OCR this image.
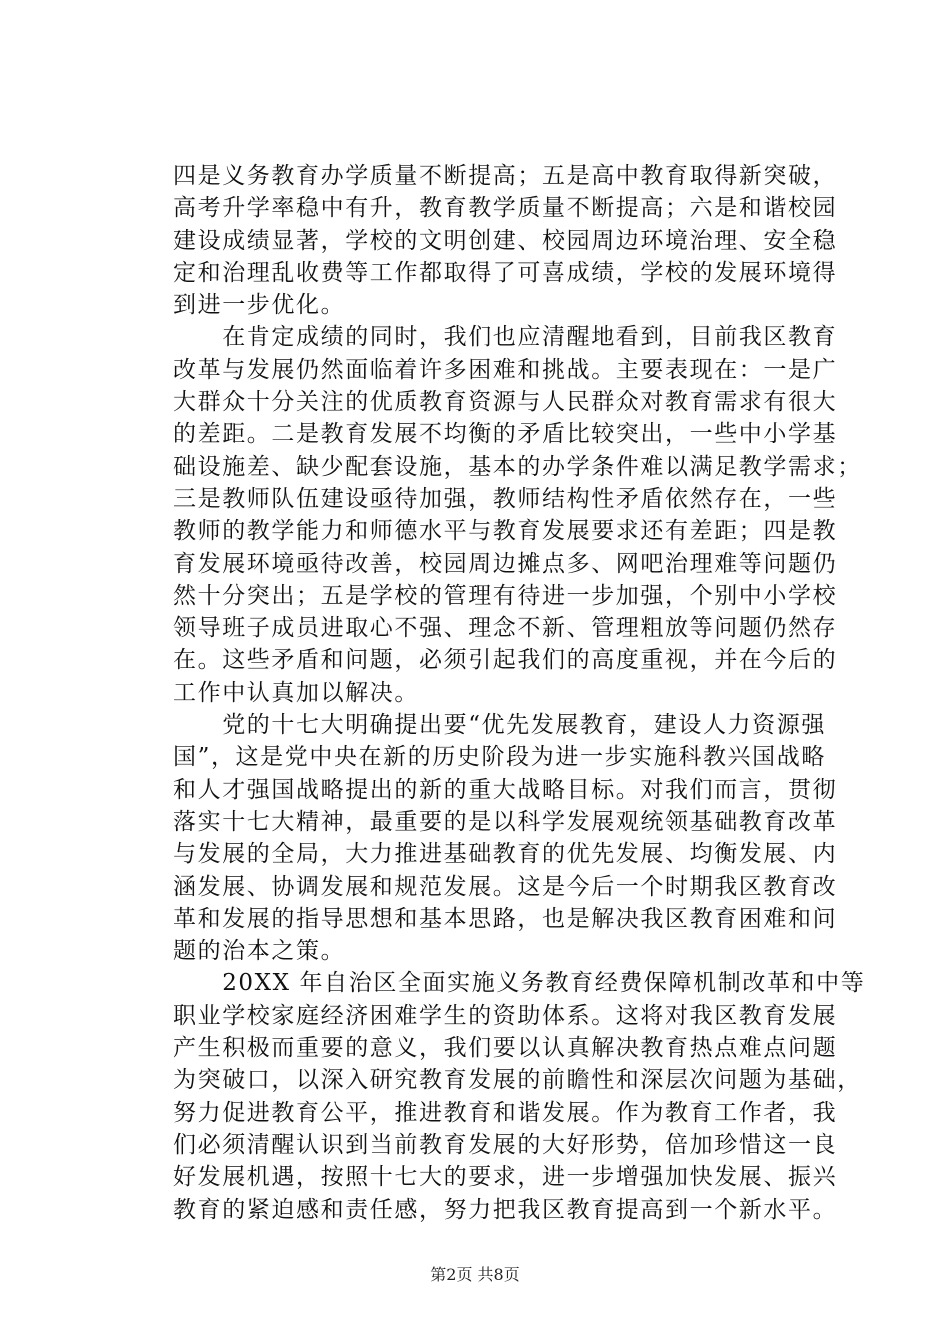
四是义务教育办学质量不断提高；五是高中教育取得新突破，
高考升学率稳中有升，教育教学质量不断提高；六是和谐校园
建设成绩显著，学校的文明创建、校园周边环境治理、安全稳
定和治理乱收费等工作都取得了可喜成绩，学校的发展环境得
到进一步优化。
　　在肯定成绩的同时，我们也应清醒地看到，目前我区教育
改革与发展仍然面临着许多困难和挑战。主要表现在：一是广
大群众十分关注的优质教育资源与人民群众对教育需求有很大
的差距。二是教育发展不均衡的矛盾比较突出，一些中小学基
础设施差、缺少配套设施，基本的办学条件难以满足教学需求；
三是教师队伍建设亟待加强，教师结构性矛盾依然存在，一些
教师的教学能力和师德水平与教育发展要求还有差距；四是教
育发展环境亟待改善，校园周边摊点多、网吧治理难等问题仍
然十分突出；五是学校的管理有待进一步加强，个别中小学校
领导班子成员进取心不强、理念不新、管理粗放等问题仍然存
在。这些矛盾和问题，必须引起我们的高度重视，并在今后的
工作中认真加以解决。
　　党的十七大明确提出要“优先发展教育，建设人力资源强
国”，这是党中央在新的历史阶段为进一步实施科教兴国战略
和人才强国战略提出的新的重大战略目标。对我们而言，贯彻
落实十七大精神，最重要的是以科学发展观统领基础教育改革
与发展的全局，大力推进基础教育的优先发展、均衡发展、内
涵发展、协调发展和规范发展。这是今后一个时期我区教育改
革和发展的指导思想和基本思路，也是解决我区教育困难和问
题的治本之策。
　　20XX 年自治区全面实施义务教育经费保障机制改革和中等
职业学校家庭经济困难学生的资助体系。这将对我区教育发展
产生积极而重要的意义，我们要以认真解决教育热点难点问题
为突破口，以深入研究教育发展的前瞻性和深层次问题为基础，
努力促进教育公平，推进教育和谐发展。作为教育工作者，我
们必须清醒认识到当前教育发展的大好形势，倍加珍惜这一良
好发展机遇，按照十七大的要求，进一步增强加快发展、振兴
教育的紧迫感和责任感，努力把我区教育提高到一个新水平。
第2页 共8页
